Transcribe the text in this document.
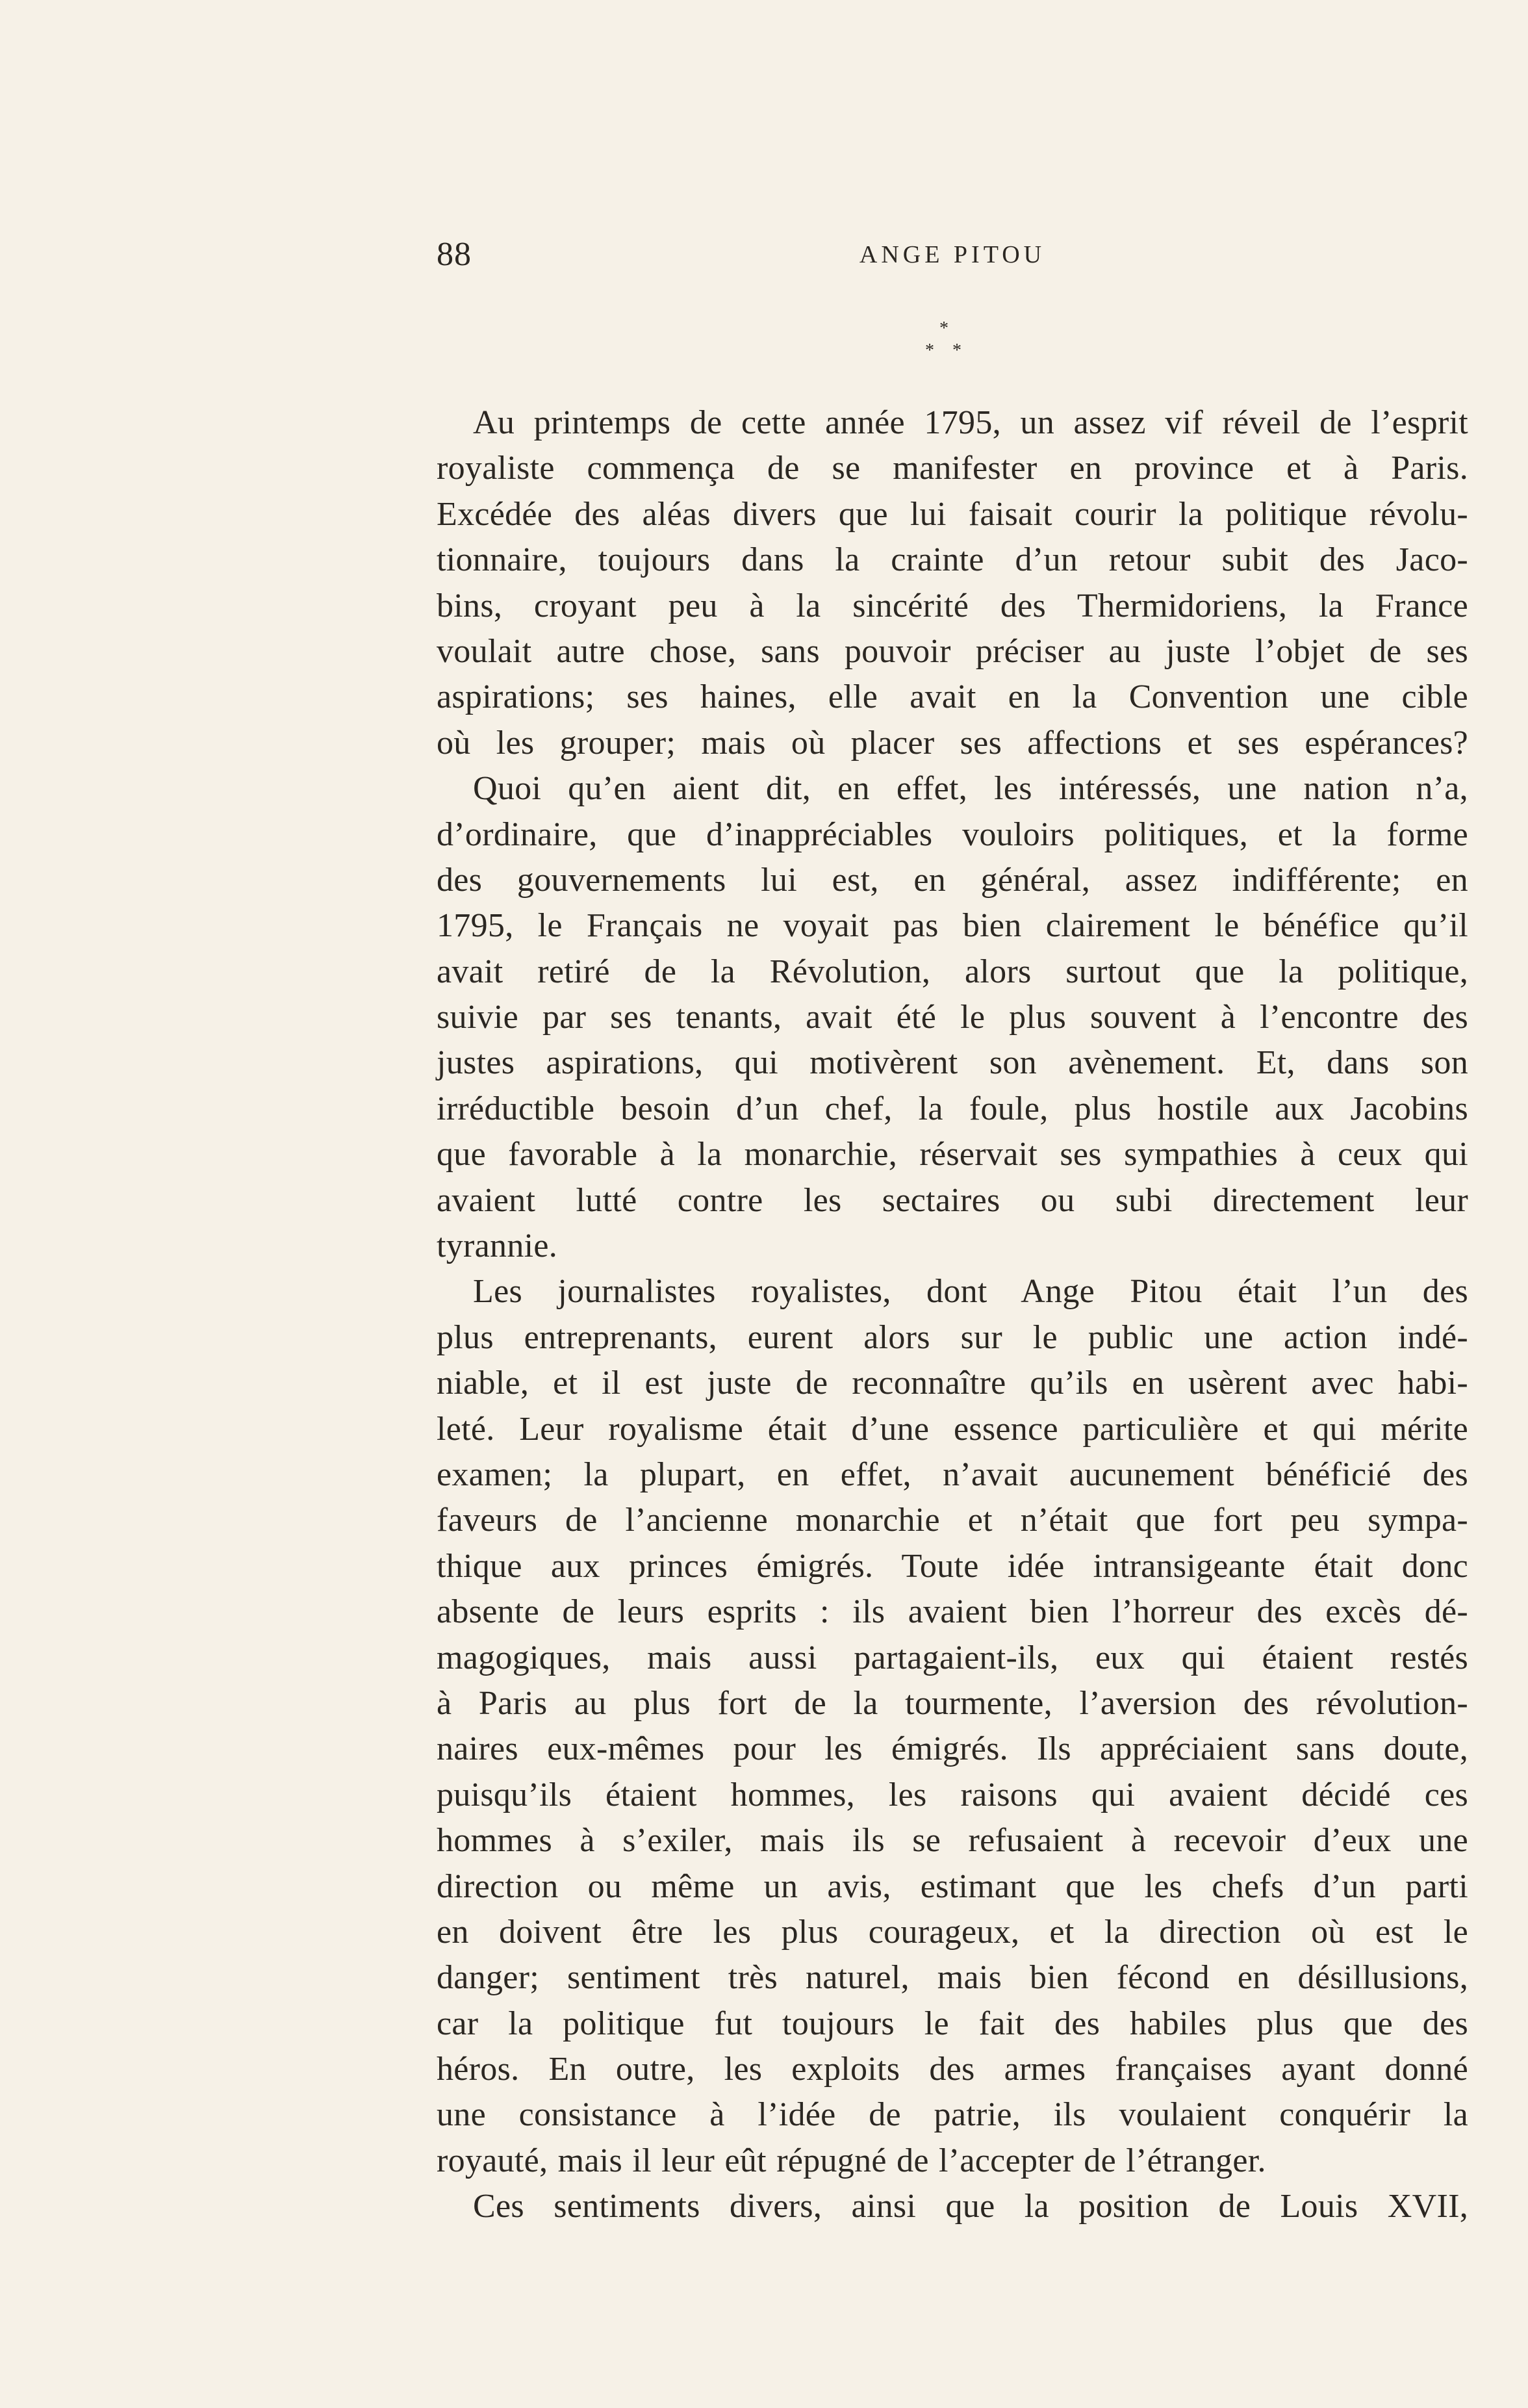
88	ANGE PITOU
*
* *
Au printemps de cette année 1795, un assez vif réveil de l’esprit
royaliste commença de se manifester en province et à Paris.
Excédée des aléas divers que lui faisait courir la politique révolu-
tionnaire, toujours dans la crainte d’un retour subit des Jaco-
bins, croyant peu à la sincérité des Thermidoriens, la France
voulait autre chose, sans pouvoir préciser au juste l’objet de ses
aspirations; ses haines, elle avait en la Convention une cible
où les grouper; mais où placer ses affections et ses espérances?
Quoi qu’en aient dit, en effet, les intéressés, une nation n’a,
d’ordinaire, que d’inappréciables vouloirs politiques, et la forme
des gouvernements lui est, en général, assez indifférente; en
1795, le Français ne voyait pas bien clairement le bénéfice qu’il
avait retiré de la Révolution, alors surtout que la politique,
suivie par ses tenants, avait été le plus souvent à l’encontre des
justes aspirations, qui motivèrent son avènement. Et, dans son
irréductible besoin d’un chef, la foule, plus hostile aux Jacobins
que favorable à la monarchie, réservait ses sympathies à ceux qui
avaient lutté contre les sectaires ou subi directement leur
tyrannie.
Les journalistes royalistes, dont Ange Pitou était l’un des
plus entreprenants, eurent alors sur le public une action indé-
niable, et il est juste de reconnaître qu’ils en usèrent avec habi-
leté. Leur royalisme était d’une essence particulière et qui mérite
examen; la plupart, en effet, n’avait aucunement bénéficié des
faveurs de l’ancienne monarchie et n’était que fort peu sympa-
thique aux princes émigrés. Toute idée intransigeante était donc
absente de leurs esprits : ils avaient bien l’horreur des excès dé-
magogiques, mais aussi partagaient-ils, eux qui étaient restés
à Paris au plus fort de la tourmente, l’aversion des révolution-
naires eux-mêmes pour les émigrés. Ils appréciaient sans doute,
puisqu’ils étaient hommes, les raisons qui avaient décidé ces
hommes à s’exiler, mais ils se refusaient à recevoir d’eux une
direction ou même un avis, estimant que les chefs d’un parti
en doivent être les plus courageux, et la direction où est le
danger; sentiment très naturel, mais bien fécond en désillusions,
car la politique fut toujours le fait des habiles plus que des
héros. En outre, les exploits des armes françaises ayant donné
une consistance à l’idée de patrie, ils voulaient conquérir la
royauté, mais il leur eût répugné de l’accepter de l’étranger.
Ces sentiments divers, ainsi que la position de Louis XVII,
